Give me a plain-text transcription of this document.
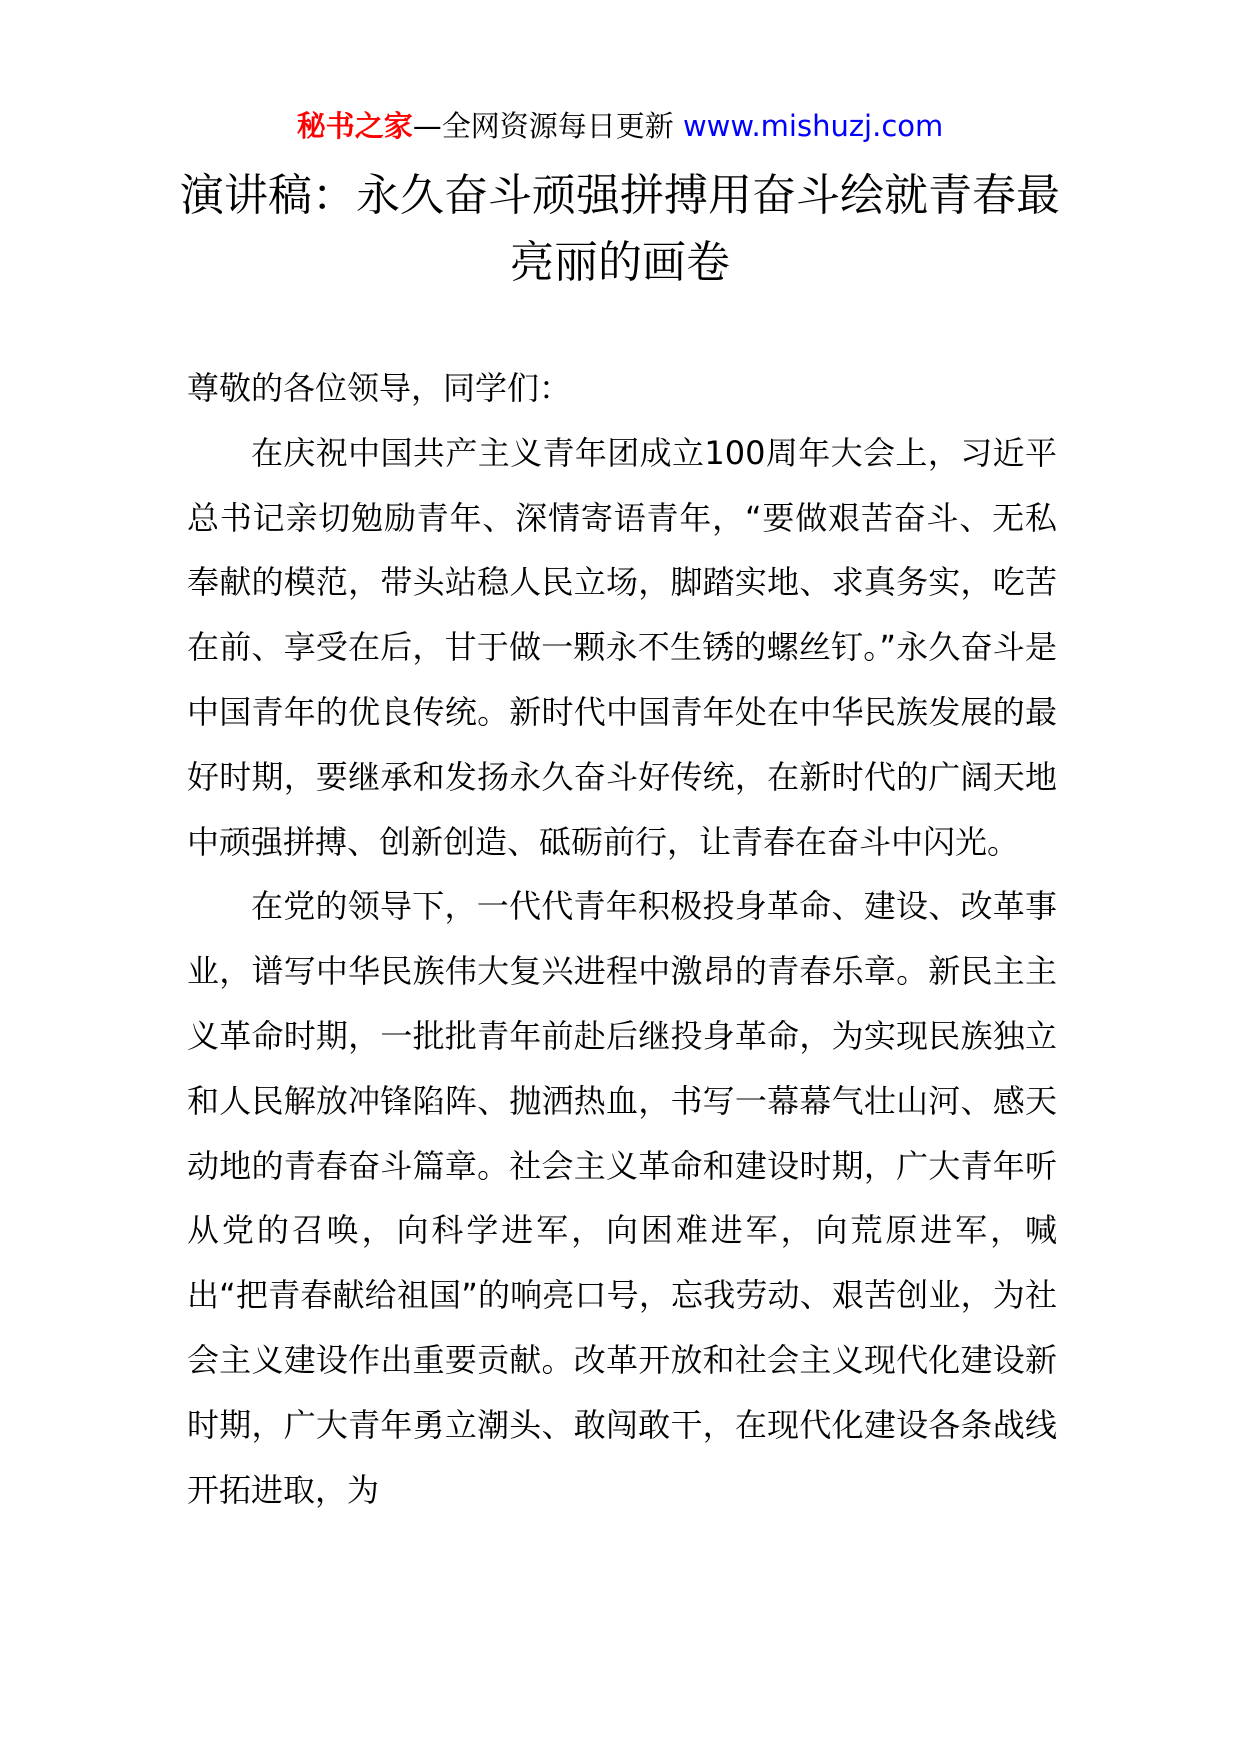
秘书之家—全网资源每日更新 www.mishuzj.com
演讲稿：永久奋斗顽强拼搏用奋斗绘就青春最亮丽的画卷

尊敬的各位领导，同学们：

在庆祝中国共产主义青年团成立100周年大会上，习近平总书记亲切勉励青年、深情寄语青年，“要做艰苦奋斗、无私奉献的模范，带头站稳人民立场，脚踏实地、求真务实，吃苦在前、享受在后，甘于做一颗永不生锈的螺丝钉。”永久奋斗是中国青年的优良传统。新时代中国青年处在中华民族发展的最好时期，要继承和发扬永久奋斗好传统，在新时代的广阔天地中顽强拼搏、创新创造、砥砺前行，让青春在奋斗中闪光。

在党的领导下，一代代青年积极投身革命、建设、改革事业，谱写中华民族伟大复兴进程中激昂的青春乐章。新民主主义革命时期，一批批青年前赴后继投身革命，为实现民族独立和人民解放冲锋陷阵、抛洒热血，书写一幕幕气壮山河、感天动地的青春奋斗篇章。社会主义革命和建设时期，广大青年听从党的召唤，向科学进军，向困难进军，向荒原进军，喊出“把青春献给祖国”的响亮口号，忘我劳动、艰苦创业，为社会主义建设作出重要贡献。改革开放和社会主义现代化建设新时期，广大青年勇立潮头、敢闯敢干，在现代化建设各条战线开拓进取，为
